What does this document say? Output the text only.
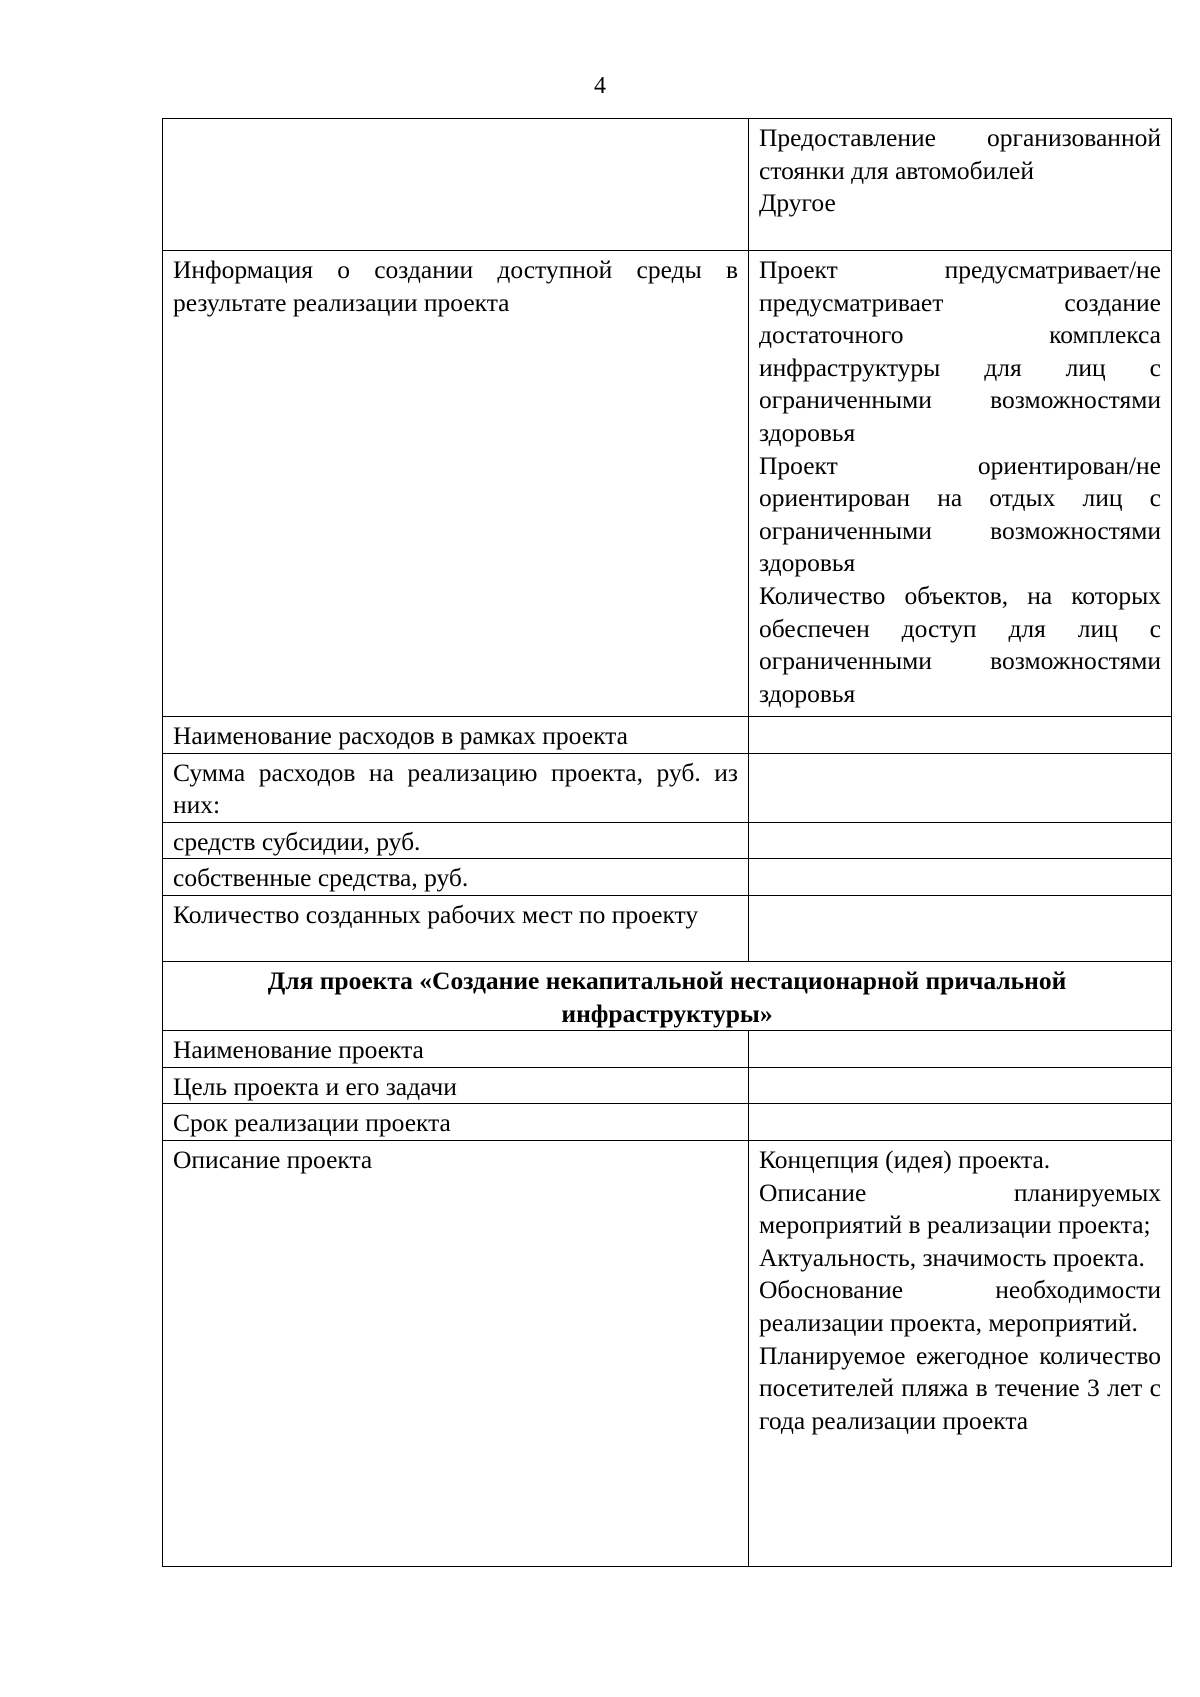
4

	Предоставление организованной стоянки для автомобилей
Другое

Информация о создании доступной среды в результате реализации проекта	Проект предусматривает/не предусматривает создание достаточного комплекса инфраструктуры для лиц с ограниченными возможностями здоровья
Проект ориентирован/не ориентирован на отдых лиц с ограниченными возможностями здоровья
Количество объектов, на которых обеспечен доступ для лиц с ограниченными возможностями здоровья

Наименование расходов в рамках проекта	
Сумма расходов на реализацию проекта, руб. из них:	
средств субсидии, руб.	
собственные средства, руб.	
Количество созданных рабочих мест по проекту	
Для проекта «Создание некапитальной нестационарной причальной инфраструктуры»	
Наименование проекта	
Цель проекта и его задачи	
Срок реализации проекта	
Описание проекта	Концепция (идея) проекта.
Описание планируемых мероприятий в реализации проекта;
Актуальность, значимость проекта.
Обоснование необходимости реализации проекта, мероприятий.
Планируемое ежегодное количество посетителей пляжа в течение 3 лет с года реализации проекта
